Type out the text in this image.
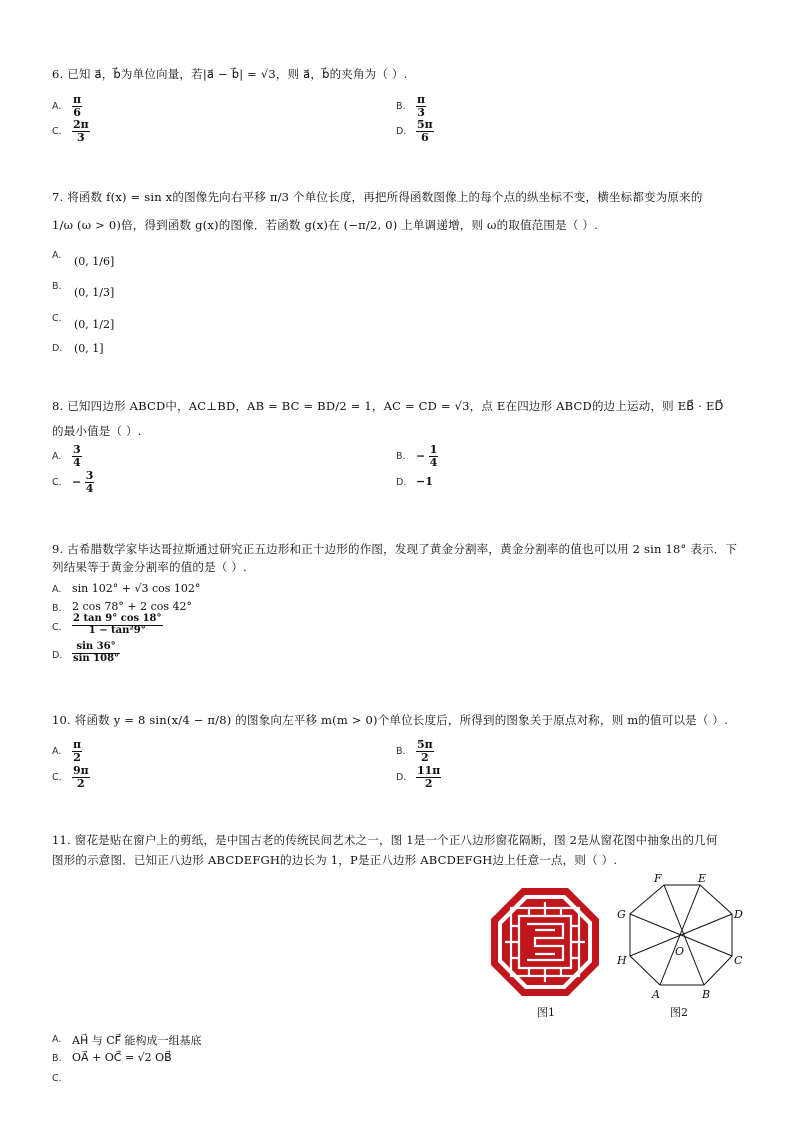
6. 已知 a⃗，b⃗为单位向量，若|a⃗ − b⃗| = √3，则 a⃗，b⃗的夹角为（ ）.
A. $\frac{\pi}{6}$	B. $\frac{\pi}{3}$
C. $\frac{2\pi}{3}$	D. $\frac{5\pi}{6}$
7. 将函数 f(x) = sin x的图像先向右平移 π/3 个单位长度，再把所得函数图像上的每个点的纵坐标不变，横坐标都变为原来的
1/ω (ω > 0)倍，得到函数 g(x)的图像．若函数 g(x)在 (−π/2, 0) 上单调递增，则 ω的取值范围是（ ）.
A. (0, 1/6]
B. (0, 1/3]
C. (0, 1/2]
D. (0, 1]
8. 已知四边形 ABCD中，AC⊥BD，AB = BC = BD/2 = 1，AC = CD = √3，点 E在四边形 ABCD的边上运动，则 EB⃗ · ED⃗
的最小值是（ ）.
A. $\frac{3}{4}$	B. − $\frac{1}{4}$
C. − $\frac{3}{4}$	D. −1
9. 古希腊数学家毕达哥拉斯通过研究正五边形和正十边形的作图，发现了黄金分割率，黄金分割率的值也可以用 2 sin 18° 表示．下
列结果等于黄金分割率的值的是（ ）.
A. sin 102° + √3 cos 102°
B. 2 cos 78° + 2 cos 42°
C. $\frac{2 \tan 9^\circ \cos 18^\circ}{\text{1 − tan²9°}}$
D. $\frac{\sin 36^\circ}{\sin 108^\circ}$
10. 将函数 y = 8 sin(x/4 − π/8) 的图象向左平移 m(m > 0)个单位长度后，所得到的图象关于原点对称，则 m的值可以是（ ）.
A. $\frac{\pi}{2}$	B. $\frac{5\pi}{2}$
C. $\frac{9\pi}{2}$	D. $\frac{11\pi}{2}$
11. 窗花是贴在窗户上的剪纸，是中国古老的传统民间艺术之一，图 1是一个正八边形窗花隔断，图 2是从窗花图中抽象出的几何
图形的示意图．已知正八边形 ABCDEFGH的边长为 1，P是正八边形 ABCDEFGH边上任意一点，则（ ）.
图1
F	E
D
C
B
A
H
G
O
图2
A. AH⃗ 与 CF⃗ 能构成一组基底
B. OA⃗ + OC⃗ = √2 OB⃗
C.
